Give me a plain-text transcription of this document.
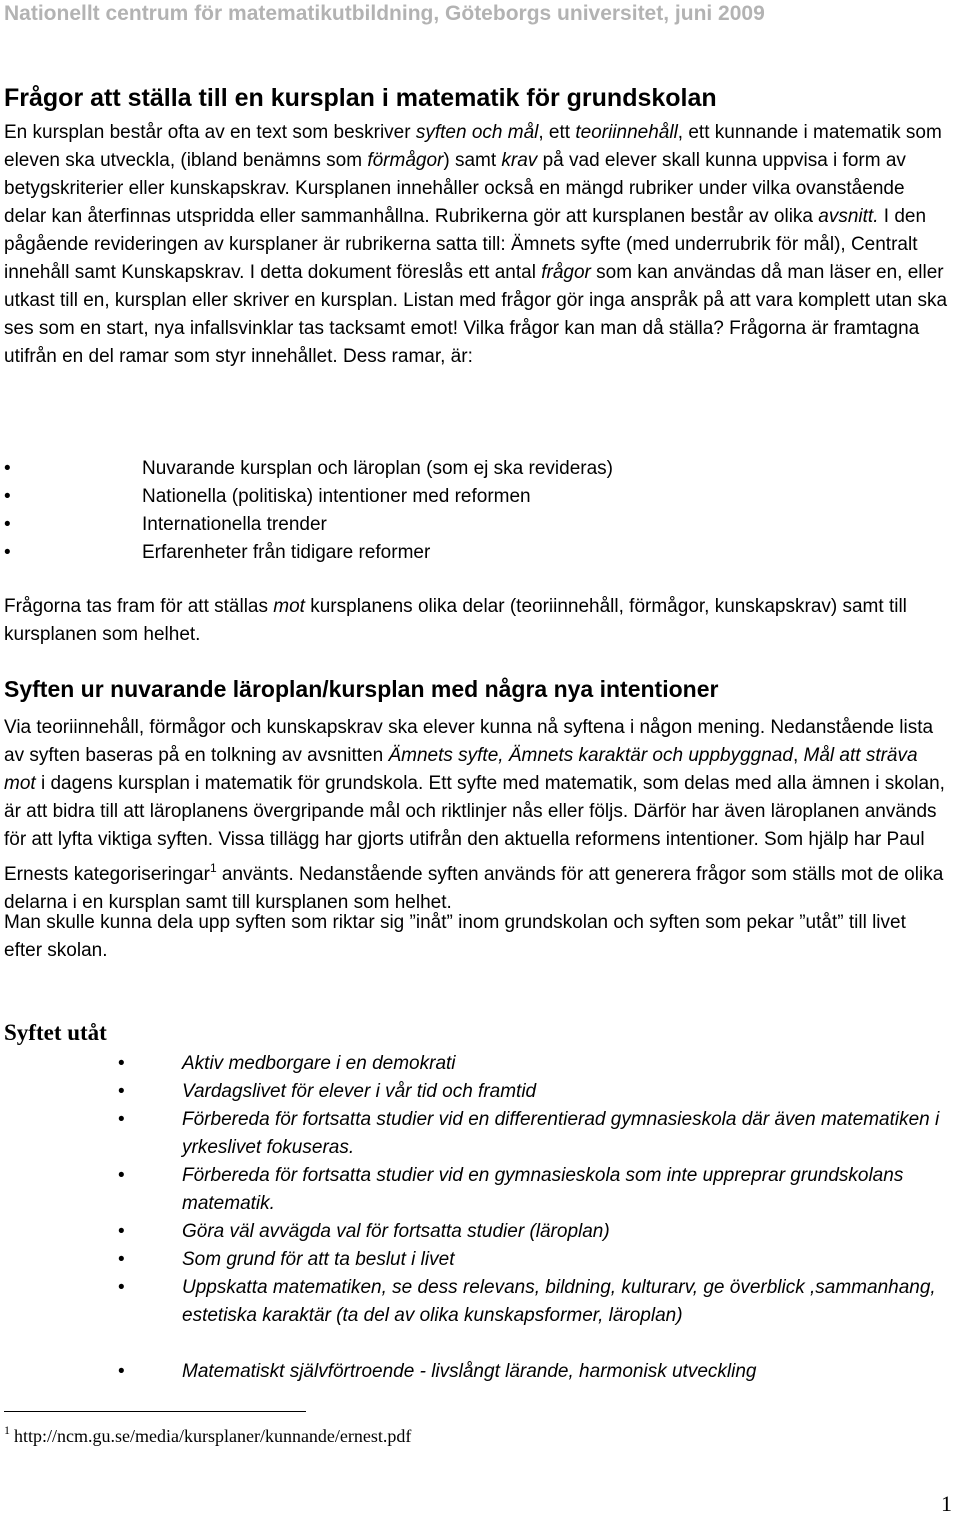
Nationellt centrum för matematikutbildning, Göteborgs universitet, juni 2009
Frågor att ställa till en kursplan i matematik för grundskolan

En kursplan består ofta av en text som beskriver syften och mål, ett teoriinnehåll, ett kunnande i matematik som eleven ska utveckla, (ibland benämns som förmågor) samt krav på vad elever skall kunna uppvisa i form av betygskriterier eller kunskapskrav. Kursplanen innehåller också en mängd rubriker under vilka ovanstående delar kan återfinnas utspridda eller sammanhållna. Rubrikerna gör att kursplanen består av olika avsnitt. I den pågående revideringen av kursplaner är rubrikerna satta till: Ämnets syfte (med underrubrik för mål), Centralt innehåll samt Kunskapskrav. I detta dokument föreslås ett antal frågor som kan användas då man läser en, eller utkast till en, kursplan eller skriver en kursplan. Listan med frågor gör inga anspråk på att vara komplett utan ska ses som en start, nya infallsvinklar tas tacksamt emot! Vilka frågor kan man då ställa? Frågorna är framtagna utifrån en del ramar som styr innehållet. Dess ramar, är:

•	Nuvarande kursplan och läroplan (som ej ska revideras)
•	Nationella (politiska) intentioner med reformen
•	Internationella trender
•	Erfarenheter från tidigare reformer

Frågorna tas fram för att ställas mot kursplanens olika delar (teoriinnehåll, förmågor, kunskapskrav) samt till kursplanen som helhet.

Syften ur nuvarande läroplan/kursplan med några nya intentioner

Via teoriinnehåll, förmågor och kunskapskrav ska elever kunna nå syftena i någon mening. Nedanstående lista av syften baseras på en tolkning av avsnitten Ämnets syfte, Ämnets karaktär och uppbyggnad, Mål att sträva mot i dagens kursplan i matematik för grundskola. Ett syfte med matematik, som delas med alla ämnen i skolan, är att bidra till att läroplanens övergripande mål och riktlinjer nås eller följs. Därför har även läroplanen används för att lyfta viktiga syften. Vissa tillägg har gjorts utifrån den aktuella reformens intentioner. Som hjälp har Paul Ernests kategoriseringar$^1$ använts. Nedanstående syften används för att generera frågor som ställs mot de olika delarna i en kursplan samt till kursplanen som helhet.

Man skulle kunna dela upp syften som riktar sig ”inåt” inom grundskolan och syften som pekar ”utåt” till livet efter skolan.

Syftet utåt
•	Aktiv medborgare i en demokrati
•	Vardagslivet för elever i vår tid och framtid
•	Förbereda för fortsatta studier vid en differentierad gymnasieskola där även matematiken i yrkeslivet fokuseras.
•	Förbereda för fortsatta studier vid en gymnasieskola som inte uppreprar grundskolans matematik.
•	Göra väl avvägda val för fortsatta studier (läroplan)
•	Som grund för att ta beslut i livet
•	Uppskatta matematiken, se dess relevans, bildning, kulturarv, ge överblick ,sammanhang, estetiska karaktär (ta del av olika kunskapsformer, läroplan)
•	Matematiskt självförtroende - livslångt lärande, harmonisk utveckling
$^1$ http://ncm.gu.se/media/kursplaner/kunnande/ernest.pdf
1
